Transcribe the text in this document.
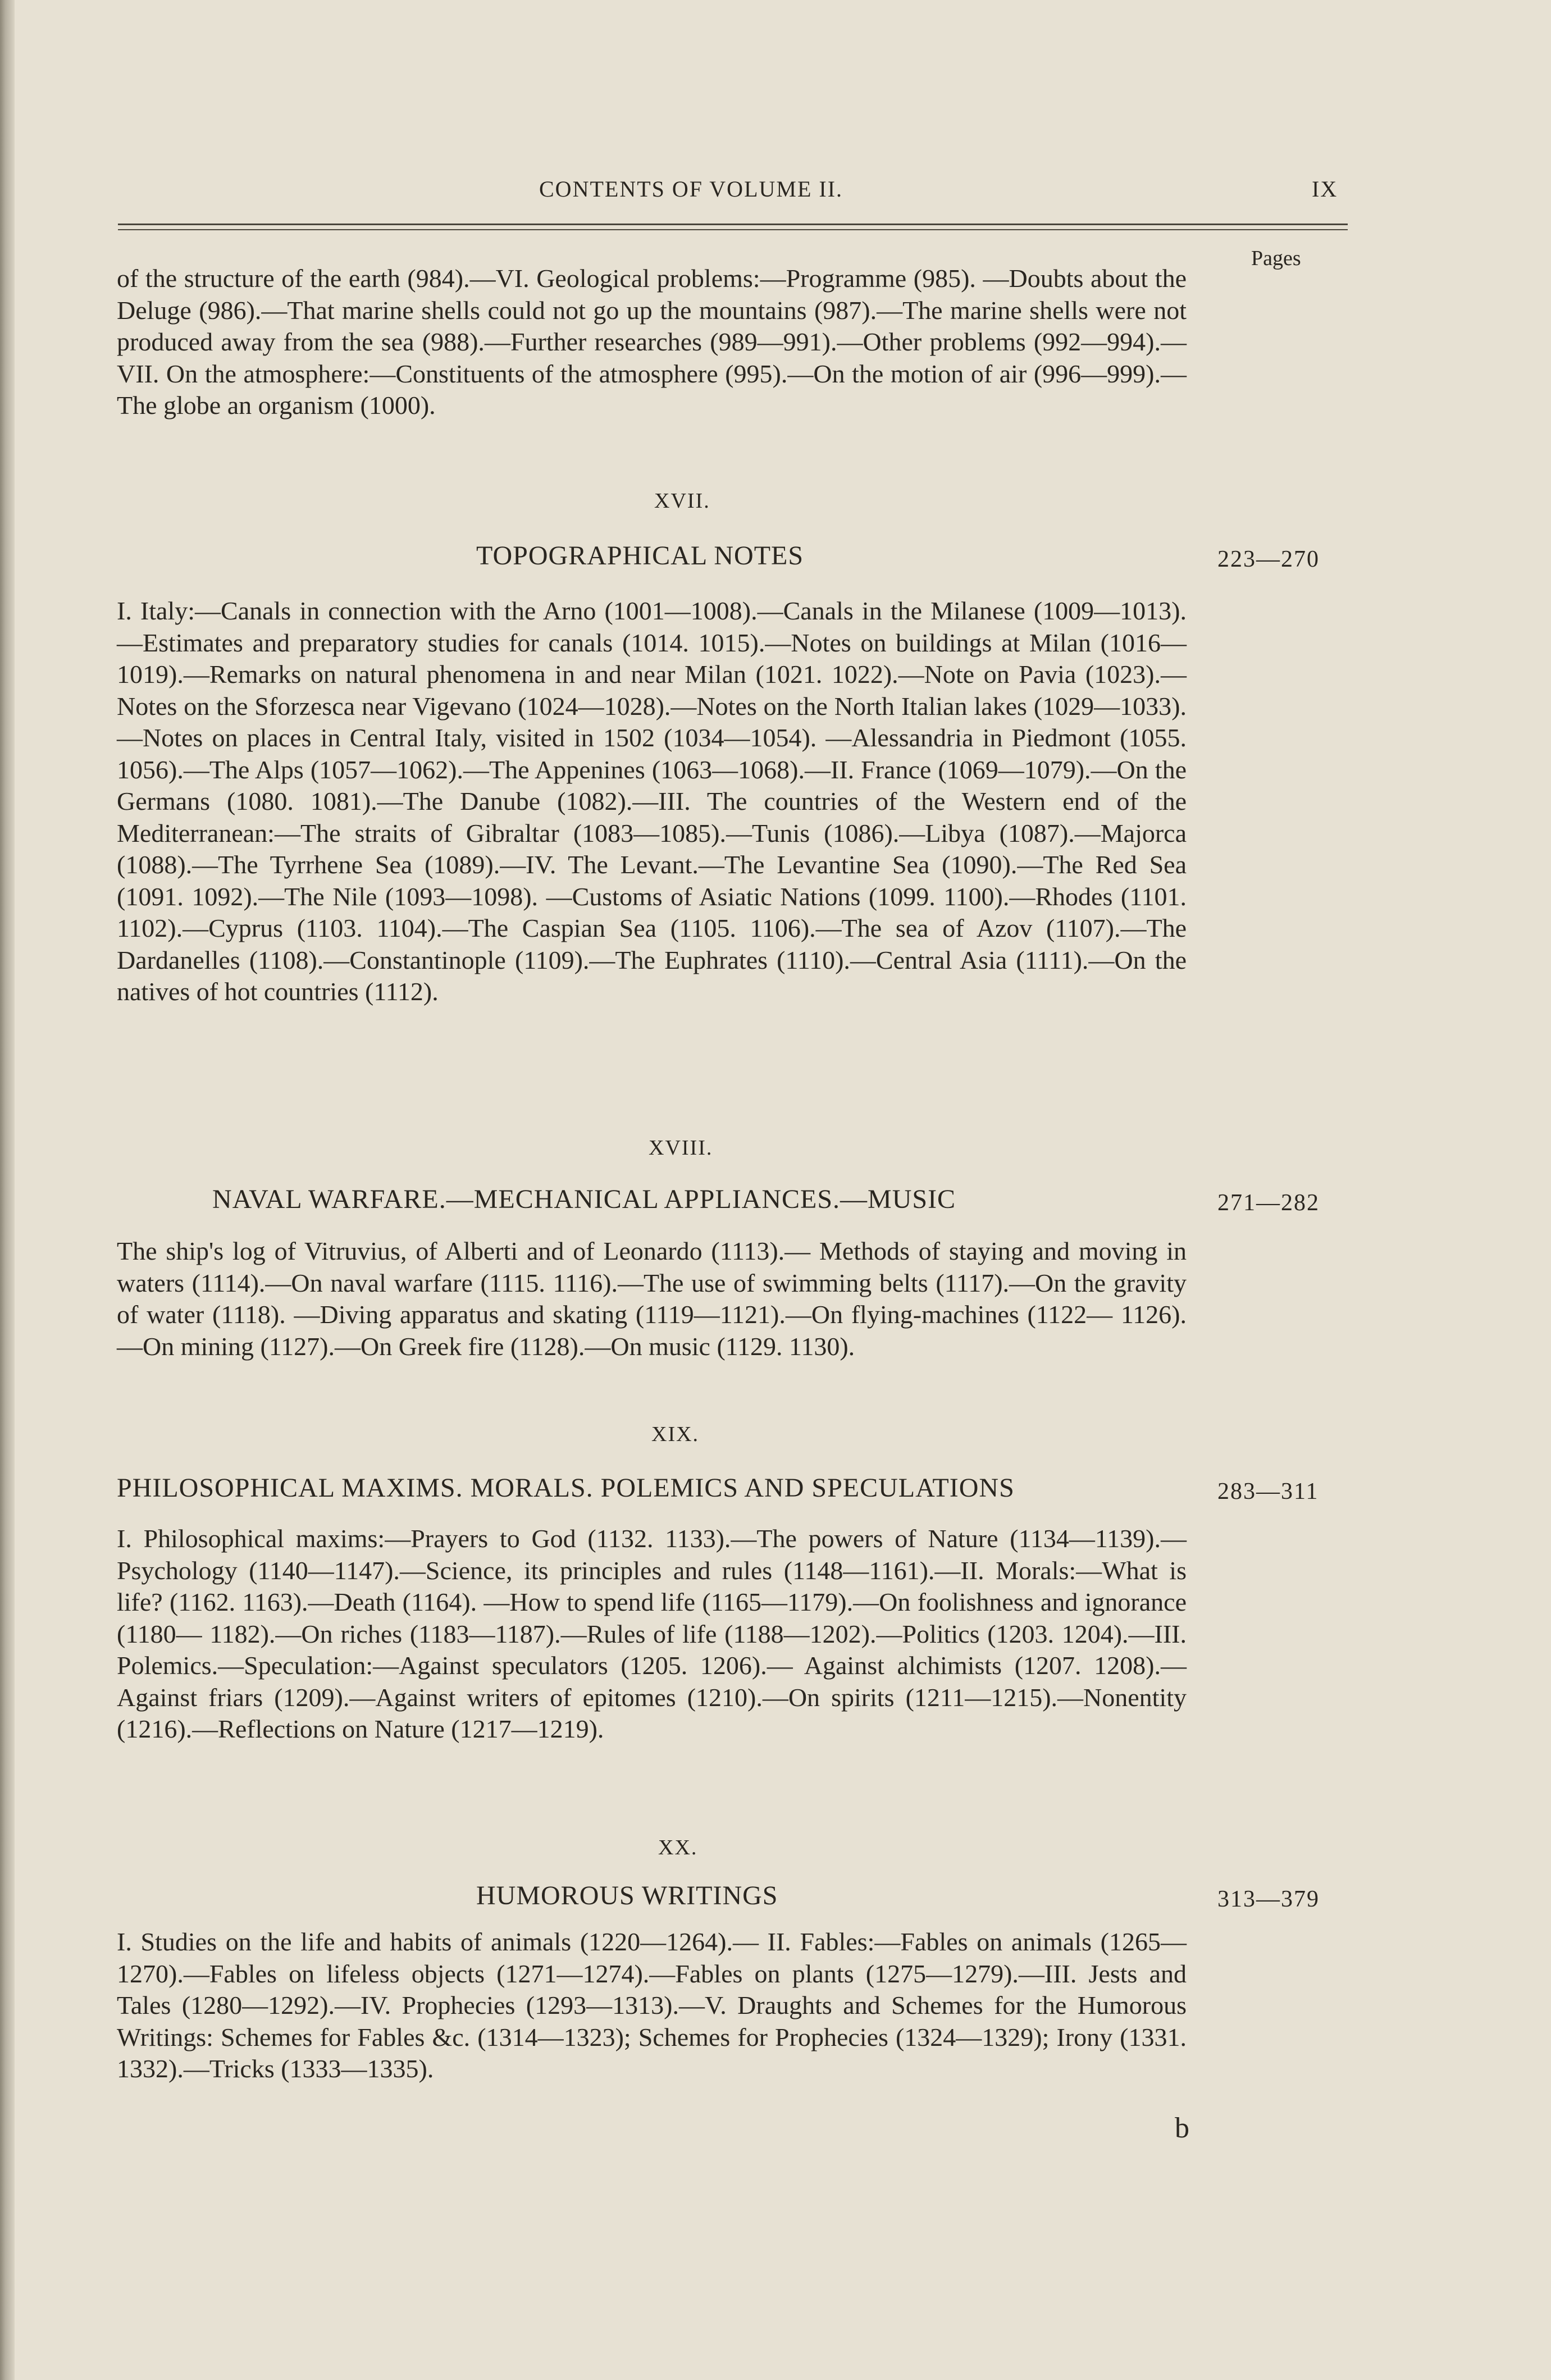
CONTENTS OF VOLUME II.	IX
Pages

of the structure of the earth (984).—VI. Geological problems:—Programme (985). —Doubts about the Deluge (986).—That marine shells could not go up the mountains (987).—The marine shells were not produced away from the sea (988).—Further researches (989—991).—Other problems (992—994).—VII. On the atmosphere:—Constituents of the atmosphere (995).—On the motion of air (996—999).—The globe an organism (1000).

XVII.
TOPOGRAPHICAL NOTES	223—270

I. Italy:—Canals in connection with the Arno (1001—1008).—Canals in the Milanese (1009—1013).—Estimates and preparatory studies for canals (1014. 1015).—Notes on buildings at Milan (1016—1019).—Remarks on natural phenomena in and near Milan (1021. 1022).—Note on Pavia (1023).—Notes on the Sforzesca near Vigevano (1024—1028).—Notes on the North Italian lakes (1029—1033).—Notes on places in Central Italy, visited in 1502 (1034—1054). —Alessandria in Piedmont (1055. 1056).—The Alps (1057—1062).—The Appenines (1063—1068).—II. France (1069—1079).—On the Germans (1080. 1081).—The Danube (1082).—III. The countries of the Western end of the Mediterranean:—The straits of Gibraltar (1083—1085).—Tunis (1086).—Libya (1087).—Majorca (1088).—The Tyrrhene Sea (1089).—IV. The Levant.—The Levantine Sea (1090).—The Red Sea (1091. 1092).—The Nile (1093—1098). —Customs of Asiatic Nations (1099. 1100).—Rhodes (1101. 1102).—Cyprus (1103. 1104).—The Caspian Sea (1105. 1106).—The sea of Azov (1107).—The Dardanelles (1108).—Constantinople (1109).—The Euphrates (1110).—Central Asia (1111).—On the natives of hot countries (1112).

XVIII.
NAVAL WARFARE.—MECHANICAL APPLIANCES.—MUSIC	271—282

The ship's log of Vitruvius, of Alberti and of Leonardo (1113).— Methods of staying and moving in waters (1114).—On naval warfare (1115. 1116).—The use of swimming belts (1117).—On the gravity of water (1118). —Diving apparatus and skating (1119—1121).—On flying-machines (1122— 1126).—On mining (1127).—On Greek fire (1128).—On music (1129. 1130).

XIX.
PHILOSOPHICAL MAXIMS. MORALS. POLEMICS AND SPECULATIONS	283—311

I. Philosophical maxims:—Prayers to God (1132. 1133).—The powers of Nature (1134—1139).—Psychology (1140—1147).—Science, its principles and rules (1148—1161).—II. Morals:—What is life? (1162. 1163).—Death (1164). —How to spend life (1165—1179).—On foolishness and ignorance (1180— 1182).—On riches (1183—1187).—Rules of life (1188—1202).—Politics (1203. 1204).—III. Polemics.—Speculation:—Against speculators (1205. 1206).— Against alchimists (1207. 1208).—Against friars (1209).—Against writers of epitomes (1210).—On spirits (1211—1215).—Nonentity (1216).—Reflections on Nature (1217—1219).

XX.
HUMOROUS WRITINGS	313—379

I. Studies on the life and habits of animals (1220—1264).— II. Fables:—Fables on animals (1265—1270).—Fables on lifeless objects (1271—1274).—Fables on plants (1275—1279).—III. Jests and Tales (1280—1292).—IV. Prophecies (1293—1313).—V. Draughts and Schemes for the Humorous Writings: Schemes for Fables &c. (1314—1323); Schemes for Prophecies (1324—1329); Irony (1331. 1332).—Tricks (1333—1335).

b
